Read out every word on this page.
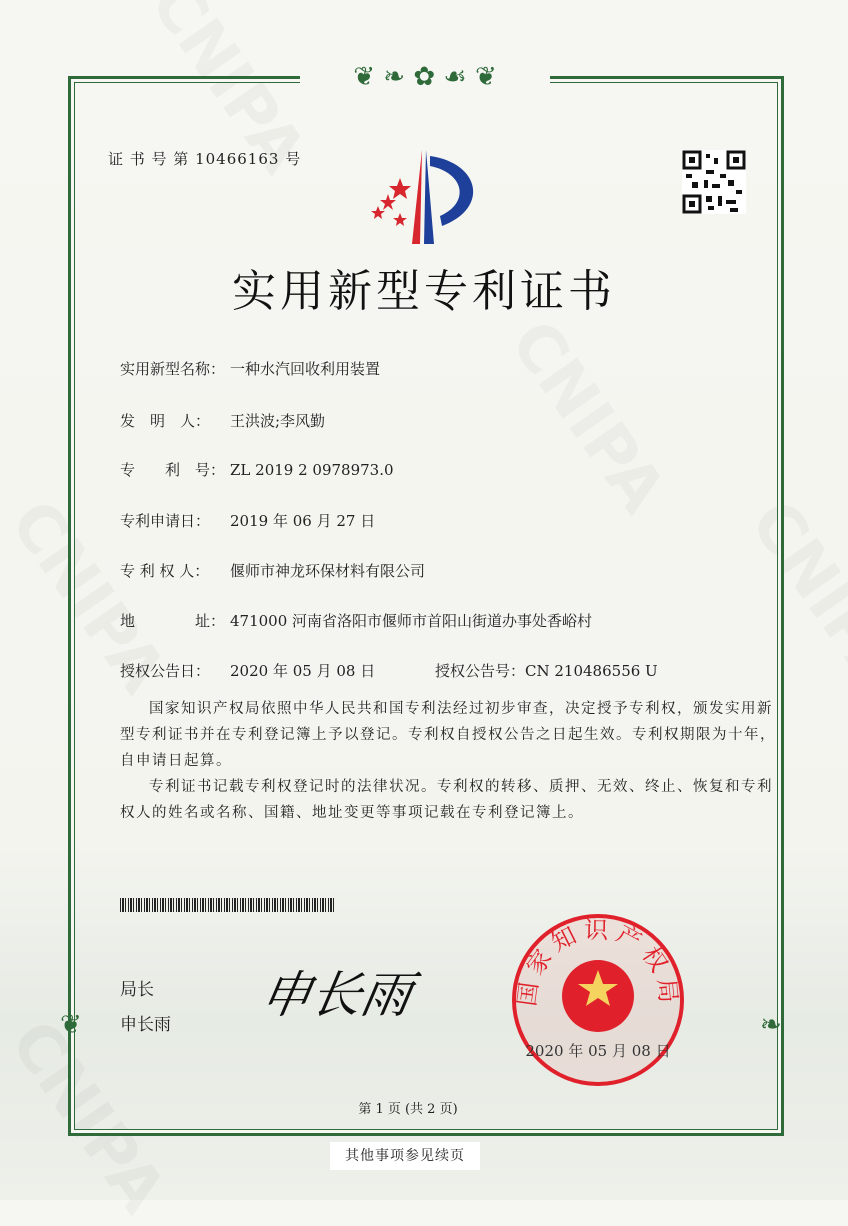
❦ ❧ ✿ ☙ ❦
❦	❧
证 书 号 第 10466163 号
实用新型专利证书
实用新型名称： 一种水汽回收利用装置
发　明　人： 王洪波;李风勤
专　　利　号： ZL 2019 2 0978973.0
专利申请日： 2019 年 06 月 27 日
专 利 权 人： 偃师市神龙环保材料有限公司
地　　　　址： 471000 河南省洛阳市偃师市首阳山街道办事处香峪村
授权公告日： 2020 年 05 月 08 日	授权公告号：CN 210486556 U

国家知识产权局依照中华人民共和国专利法经过初步审查，决定授予专利权，颁发实用新型专利证书并在专利登记簿上予以登记。专利权自授权公告之日起生效。专利权期限为十年，自申请日起算。

专利证书记载专利权登记时的法律状况。专利权的转移、质押、无效、终止、恢复和专利权人的姓名或名称、国籍、地址变更等事项记载在专利登记簿上。

局长
申长雨
申长雨	国家知识产权局
2020 年 05 月 08 日
第 1 页 (共 2 页)
其他事项参见续页
